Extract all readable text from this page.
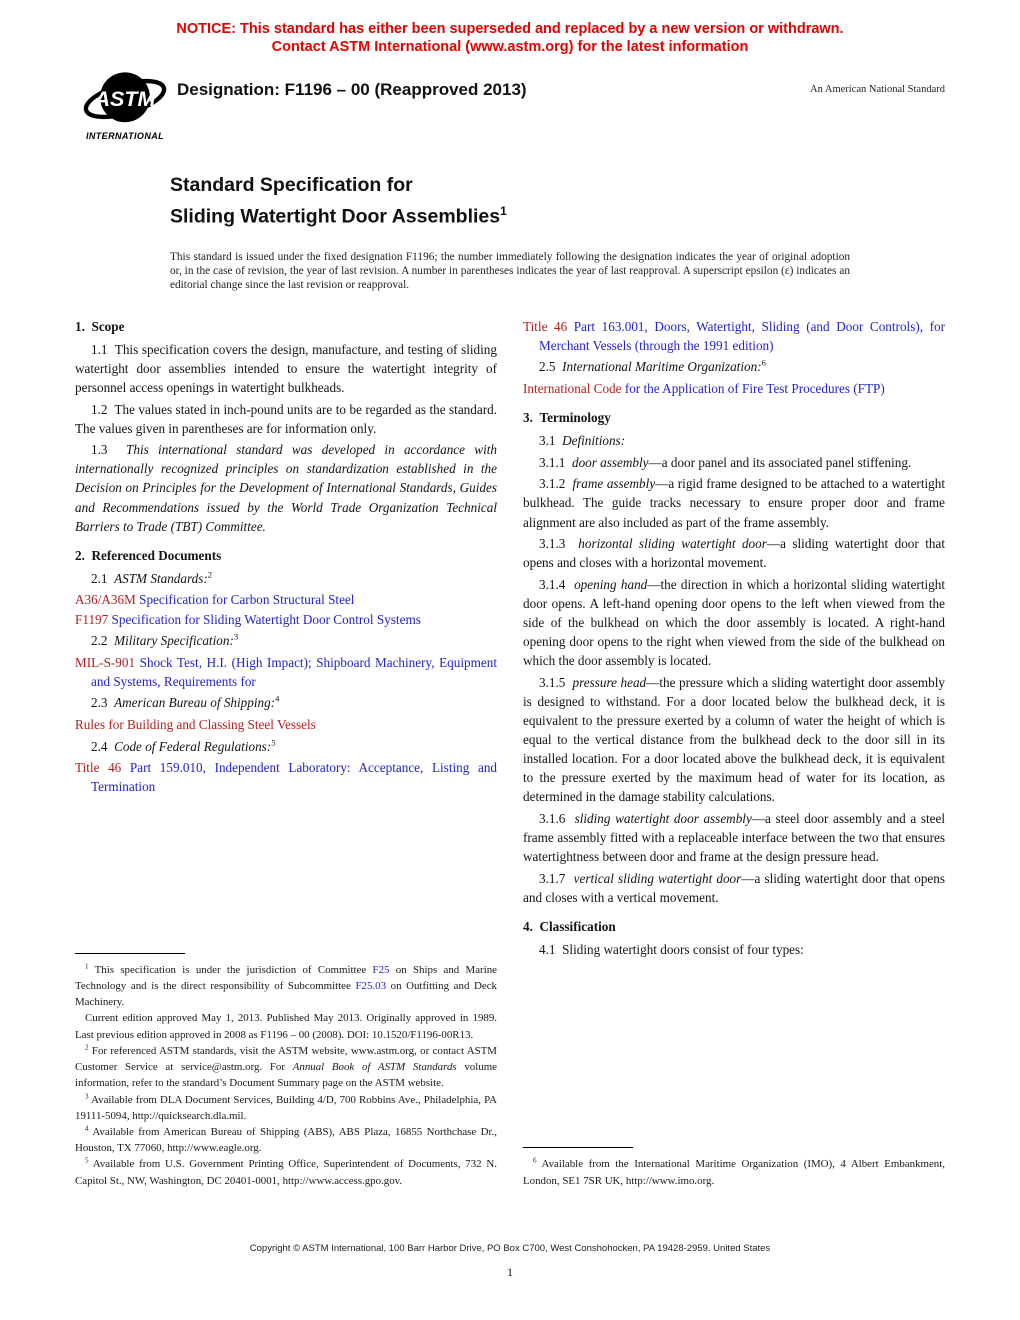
NOTICE: This standard has either been superseded and replaced by a new version or withdrawn.
Contact ASTM International (www.astm.org) for the latest information
ASTM
INTERNATIONAL
Designation: F1196 – 00 (Reapproved 2013)	An American National Standard
Standard Specification for
Sliding Watertight Door Assemblies$^1$
This standard is issued under the fixed designation F1196; the number immediately following the designation indicates the year of original adoption or, in the case of revision, the year of last revision. A number in parentheses indicates the year of last reapproval. A superscript epsilon (ε) indicates an editorial change since the last revision or reapproval.
1.  Scope
1.1  This specification covers the design, manufacture, and testing of sliding watertight door assemblies intended to ensure the watertight integrity of personnel access openings in watertight bulkheads.
1.2  The values stated in inch-pound units are to be regarded as the standard. The values given in parentheses are for information only.
1.3  This international standard was developed in accordance with internationally recognized principles on standardization established in the Decision on Principles for the Development of International Standards, Guides and Recommendations issued by the World Trade Organization Technical Barriers to Trade (TBT) Committee.
2.  Referenced Documents
2.1  ASTM Standards:$^2$
A36/A36M Specification for Carbon Structural Steel
F1197 Specification for Sliding Watertight Door Control Systems
2.2  Military Specification:$^3$
MIL-S-901 Shock Test, H.I. (High Impact); Shipboard Machinery, Equipment and Systems, Requirements for
2.3  American Bureau of Shipping:$^4$
Rules for Building and Classing Steel Vessels
2.4  Code of Federal Regulations:$^5$
Title 46 Part 159.010, Independent Laboratory: Acceptance, Listing and Termination
$^1$ This specification is under the jurisdiction of Committee F25 on Ships and Marine Technology and is the direct responsibility of Subcommittee F25.03 on Outfitting and Deck Machinery.
Current edition approved May 1, 2013. Published May 2013. Originally approved in 1989. Last previous edition approved in 2008 as F1196 – 00 (2008). DOI: 10.1520/F1196-00R13.
$^2$ For referenced ASTM standards, visit the ASTM website, www.astm.org, or contact ASTM Customer Service at service@astm.org. For Annual Book of ASTM Standards volume information, refer to the standard’s Document Summary page on the ASTM website.
$^3$ Available from DLA Document Services, Building 4/D, 700 Robbins Ave., Philadelphia, PA 19111-5094, http://quicksearch.dla.mil.
$^4$ Available from American Bureau of Shipping (ABS), ABS Plaza, 16855 Northchase Dr., Houston, TX 77060, http://www.eagle.org.
$^5$ Available from U.S. Government Printing Office, Superintendent of Documents, 732 N. Capitol St., NW, Washington, DC 20401-0001, http://www.access.gpo.gov.
Title 46 Part 163.001, Doors, Watertight, Sliding (and Door Controls), for Merchant Vessels (through the 1991 edition)
2.5  International Maritime Organization:$^6$
International Code for the Application of Fire Test Procedures (FTP)
3.  Terminology
3.1  Definitions:
3.1.1  door assembly—a door panel and its associated panel stiffening.
3.1.2  frame assembly—a rigid frame designed to be attached to a watertight bulkhead. The guide tracks necessary to ensure proper door and frame alignment are also included as part of the frame assembly.
3.1.3  horizontal sliding watertight door—a sliding watertight door that opens and closes with a horizontal movement.
3.1.4  opening hand—the direction in which a horizontal sliding watertight door opens. A left-hand opening door opens to the left when viewed from the side of the bulkhead on which the door assembly is located. A right-hand opening door opens to the right when viewed from the side of the bulkhead on which the door assembly is located.
3.1.5  pressure head—the pressure which a sliding watertight door assembly is designed to withstand. For a door located below the bulkhead deck, it is equivalent to the pressure exerted by a column of water the height of which is equal to the vertical distance from the bulkhead deck to the door sill in its installed location. For a door located above the bulkhead deck, it is equivalent to the pressure exerted by the maximum head of water for its location, as determined in the damage stability calculations.
3.1.6  sliding watertight door assembly—a steel door assembly and a steel frame assembly fitted with a replaceable interface between the two that ensures watertightness between door and frame at the design pressure head.
3.1.7  vertical sliding watertight door—a sliding watertight door that opens and closes with a vertical movement.
4.  Classification
4.1  Sliding watertight doors consist of four types:
$^6$ Available from the International Maritime Organization (IMO), 4 Albert Embankment, London, SE1 7SR UK, http://www.imo.org.
Copyright © ASTM International, 100 Barr Harbor Drive, PO Box C700, West Conshohocken, PA 19428-2959. United States
1
